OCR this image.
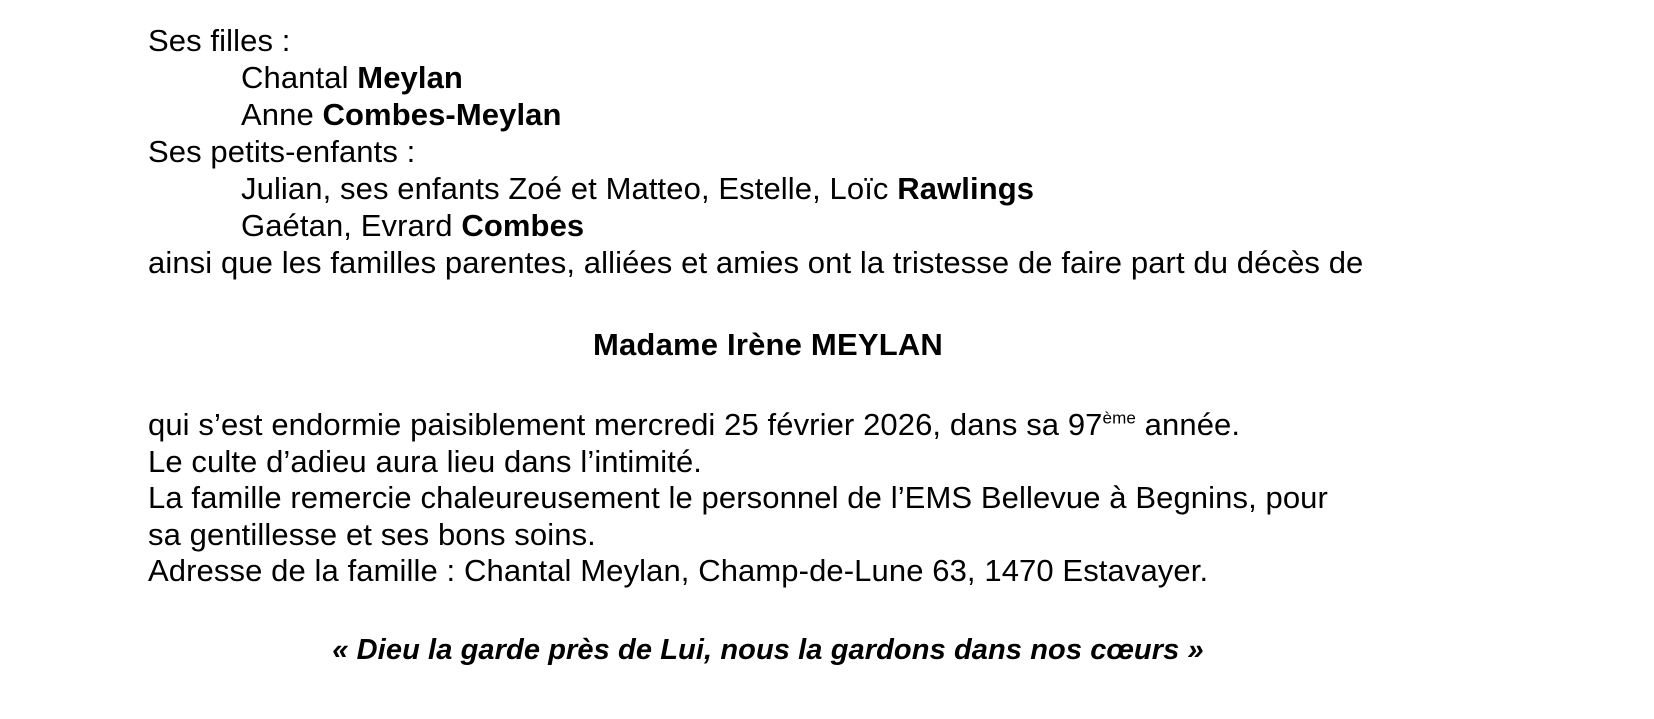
Ses filles :
Chantal Meylan
Anne Combes-Meylan
Ses petits-enfants :
Julian, ses enfants Zoé et Matteo, Estelle, Loïc Rawlings
Gaétan, Evrard Combes
ainsi que les familles parentes, alliées et amies ont la tristesse de faire part du décès de
Madame Irène MEYLAN
qui s’est endormie paisiblement mercredi 25 février 2026, dans sa 97ème année.
Le culte d’adieu aura lieu dans l’intimité.
La famille remercie chaleureusement le personnel de l’EMS Bellevue à Begnins, pour
sa gentillesse et ses bons soins.
Adresse de la famille : Chantal Meylan, Champ-de-Lune 63, 1470 Estavayer.
« Dieu la garde près de Lui, nous la gardons dans nos cœurs »
